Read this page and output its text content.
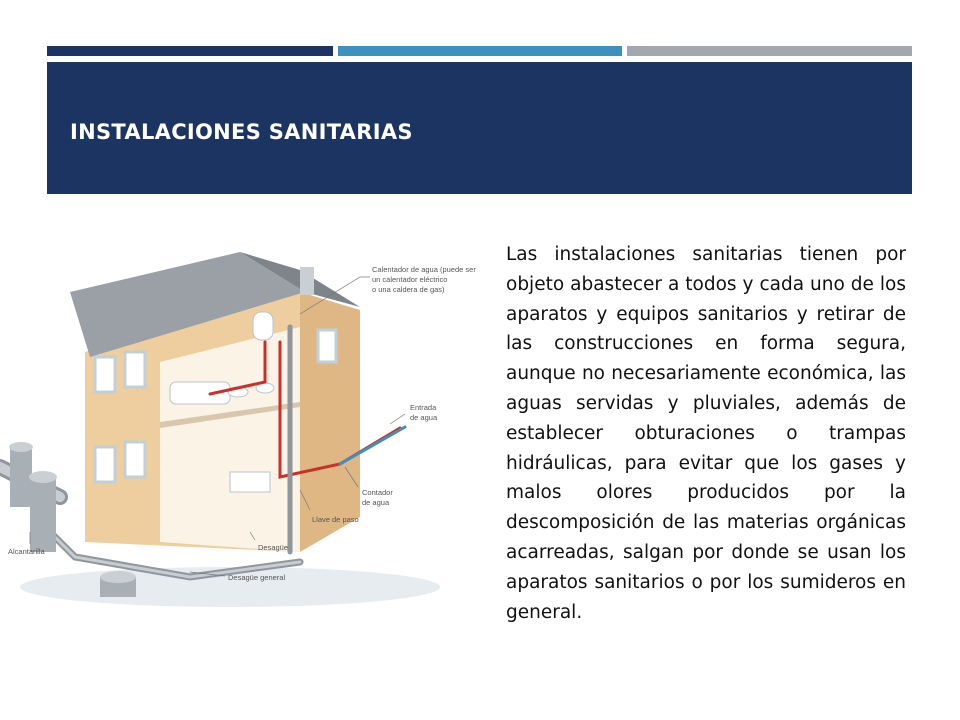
INSTALACIONES SANITARIAS
Calentador de agua (puede ser
un calentador eléctrico
o una caldera de gas)
Entrada
de agua
Contador
de agua
Llave de paso
Desagüe
Desagüe general
Alcantarilla

Las instalaciones sanitarias tienen por objeto abastecer a todos y cada uno de los aparatos y equipos sanitarios y retirar de las construcciones en forma segura, aunque no necesariamente económica, las aguas servidas y pluviales, además de establecer obturaciones o trampas hidráulicas, para evitar que los gases y malos olores producidos por la descomposición de las materias orgánicas acarreadas, salgan por donde se usan los aparatos sanitarios o por los sumideros en general.
